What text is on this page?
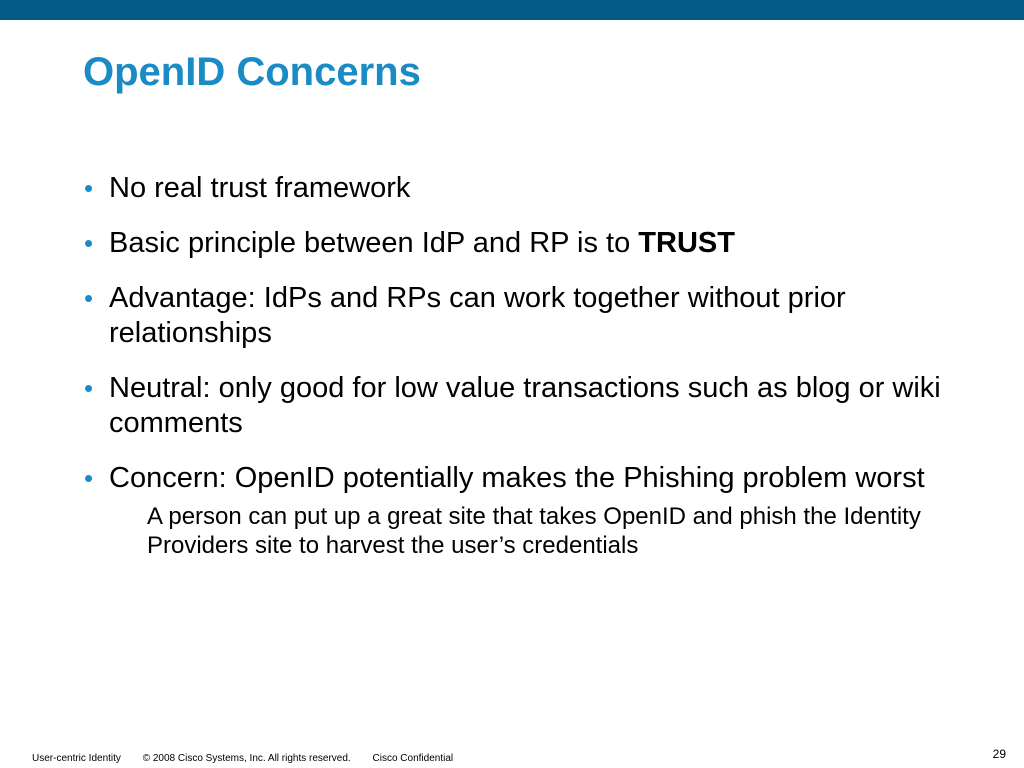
OpenID Concerns
• No real trust framework
• Basic principle between IdP and RP is to TRUST
• Advantage: IdPs and RPs can work together without prior relationships
• Neutral: only good for low value transactions such as blog or wiki comments
• Concern: OpenID potentially makes the Phishing problem worst
A person can put up a great site that takes OpenID and phish the Identity Providers site to harvest the user’s credentials
User-centric Identity © 2008 Cisco Systems, Inc. All rights reserved. Cisco Confidential	29
